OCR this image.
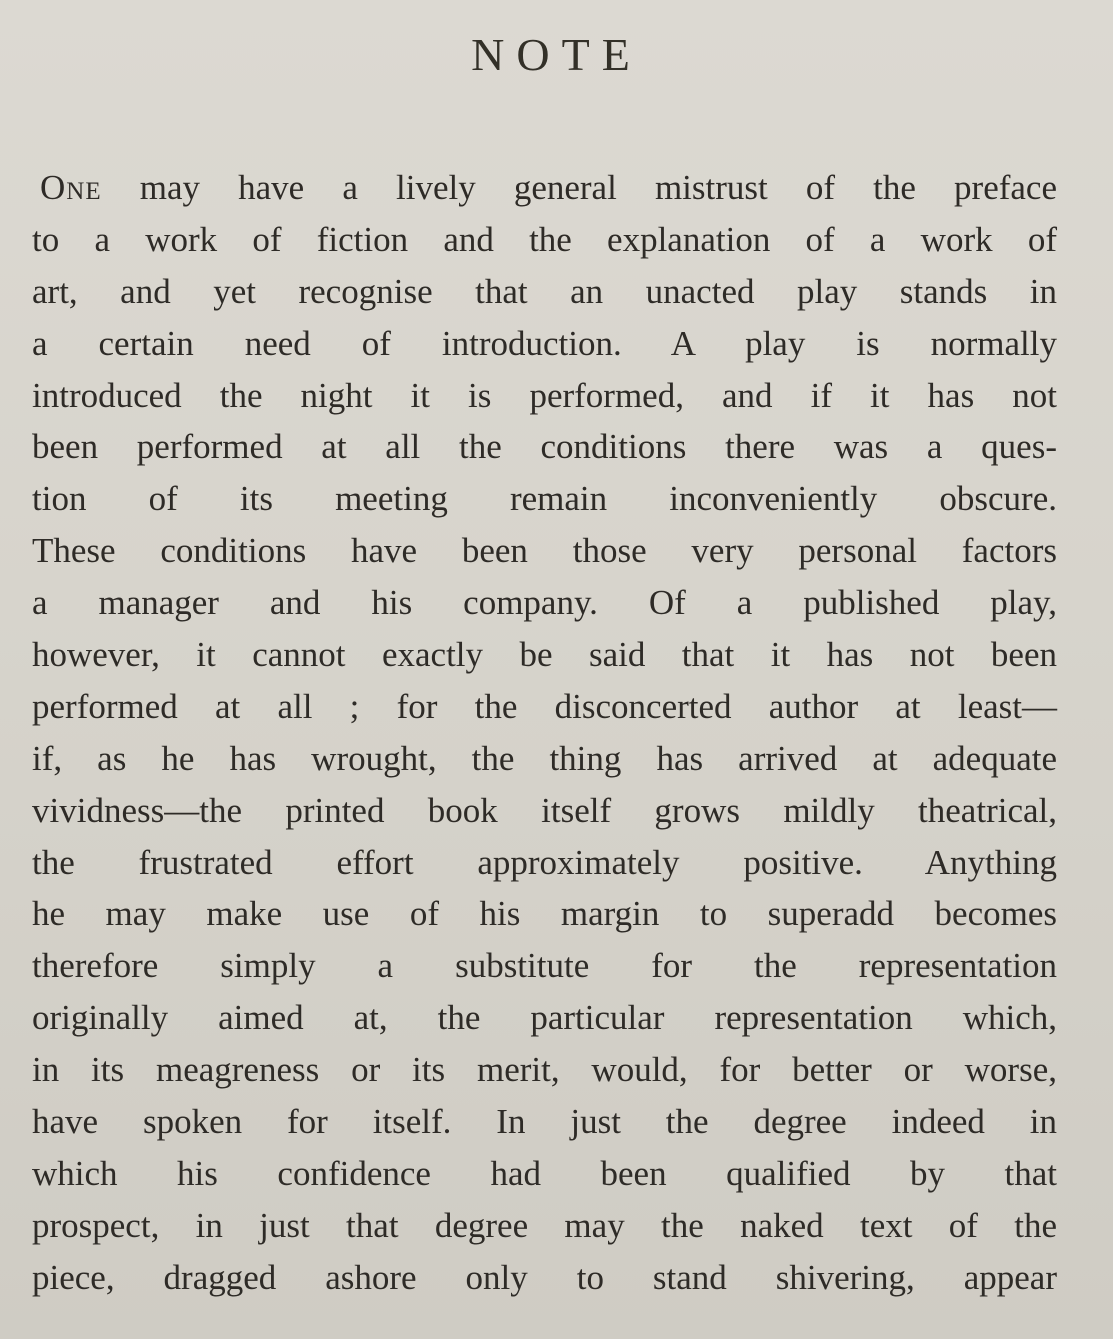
NOTE
One may have a lively general mistrust of the preface
to a work of fiction and the explanation of a work of
art, and yet recognise that an unacted play stands in
a certain need of introduction. A play is normally
introduced the night it is performed, and if it has not
been performed at all the conditions there was a ques-
tion of its meeting remain inconveniently obscure.
These conditions have been those very personal factors
a manager and his company. Of a published play,
however, it cannot exactly be said that it has not been
performed at all ; for the disconcerted author at least—
if, as he has wrought, the thing has arrived at adequate
vividness—the printed book itself grows mildly theatrical,
the frustrated effort approximately positive. Anything
he may make use of his margin to superadd becomes
therefore simply a substitute for the representation
originally aimed at, the particular representation which,
in its meagreness or its merit, would, for better or worse,
have spoken for itself. In just the degree indeed in
which his confidence had been qualified by that
prospect, in just that degree may the naked text of the
piece, dragged ashore only to stand shivering, appear
